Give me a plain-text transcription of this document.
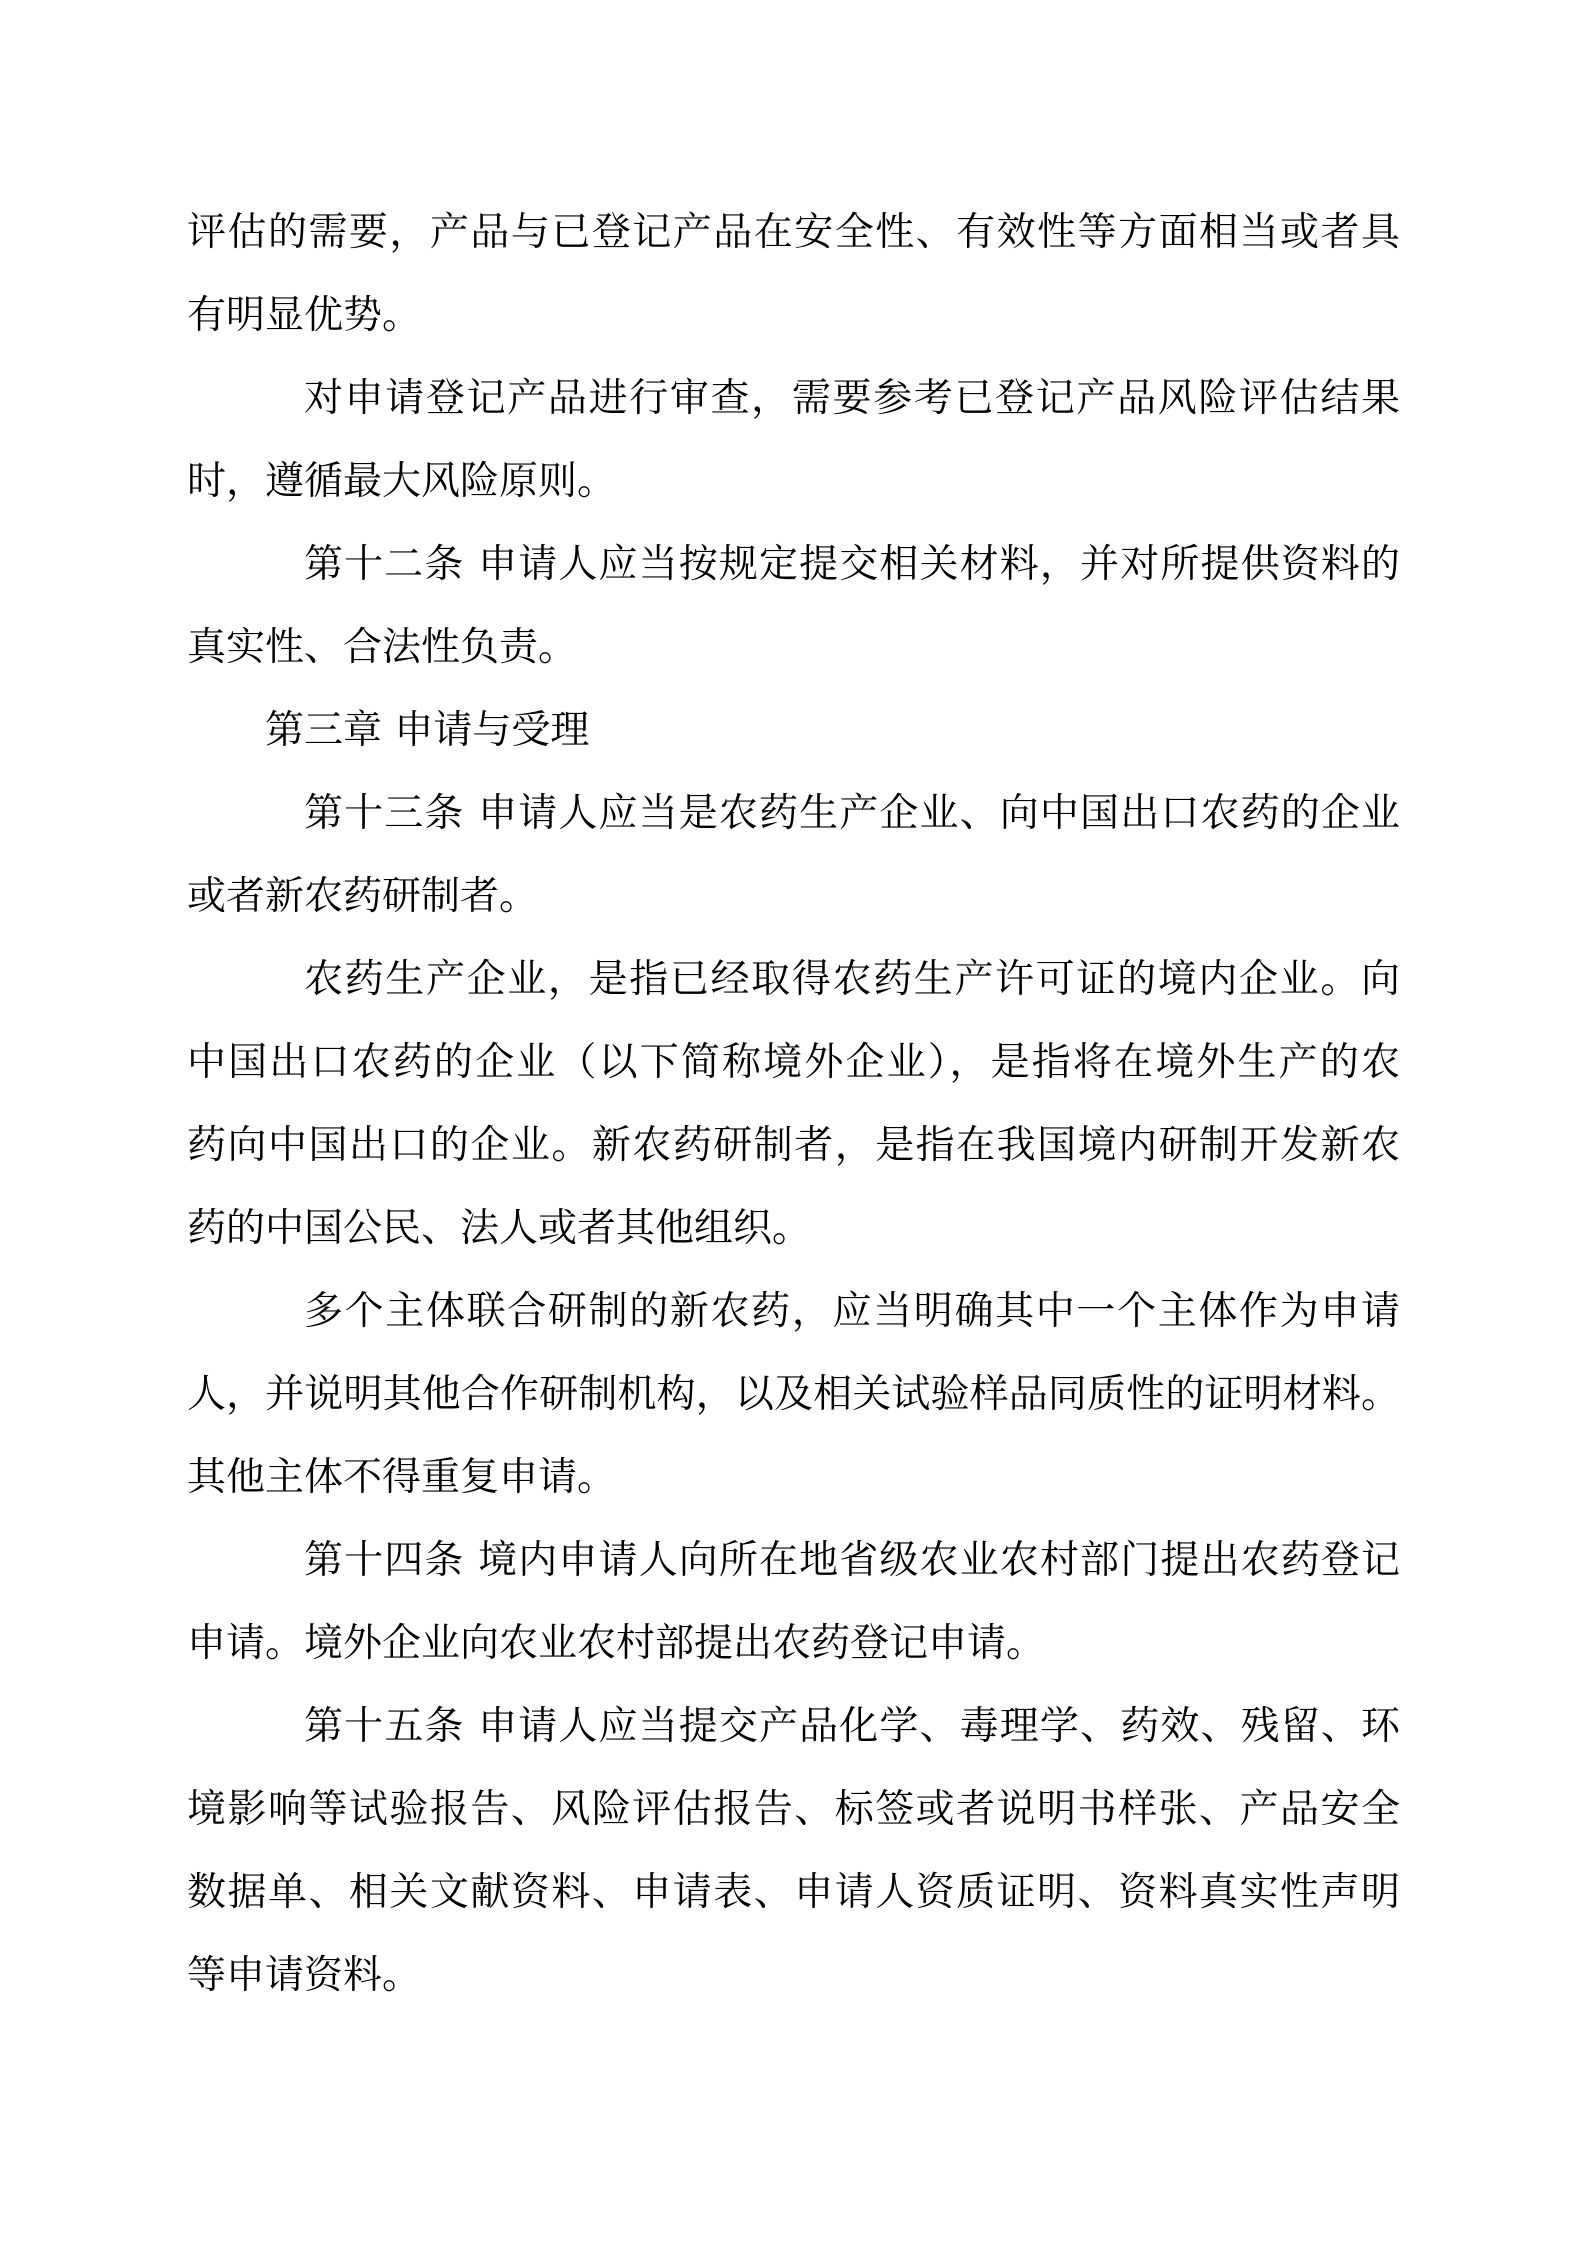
评估的需要，产品与已登记产品在安全性、有效性等方面相当或者具
有明显优势。
对申请登记产品进行审查，需要参考已登记产品风险评估结果
时，遵循最大风险原则。
第十二条 申请人应当按规定提交相关材料，并对所提供资料的
真实性、合法性负责。
第三章 申请与受理
第十三条 申请人应当是农药生产企业、向中国出口农药的企业
或者新农药研制者。
农药生产企业，是指已经取得农药生产许可证的境内企业。向
中国出口农药的企业（以下简称境外企业），是指将在境外生产的农
药向中国出口的企业。新农药研制者，是指在我国境内研制开发新农
药的中国公民、法人或者其他组织。
多个主体联合研制的新农药，应当明确其中一个主体作为申请
人，并说明其他合作研制机构，以及相关试验样品同质性的证明材料。
其他主体不得重复申请。
第十四条 境内申请人向所在地省级农业农村部门提出农药登记
申请。境外企业向农业农村部提出农药登记申请。
第十五条 申请人应当提交产品化学、毒理学、药效、残留、环
境影响等试验报告、风险评估报告、标签或者说明书样张、产品安全
数据单、相关文献资料、申请表、申请人资质证明、资料真实性声明
等申请资料。
